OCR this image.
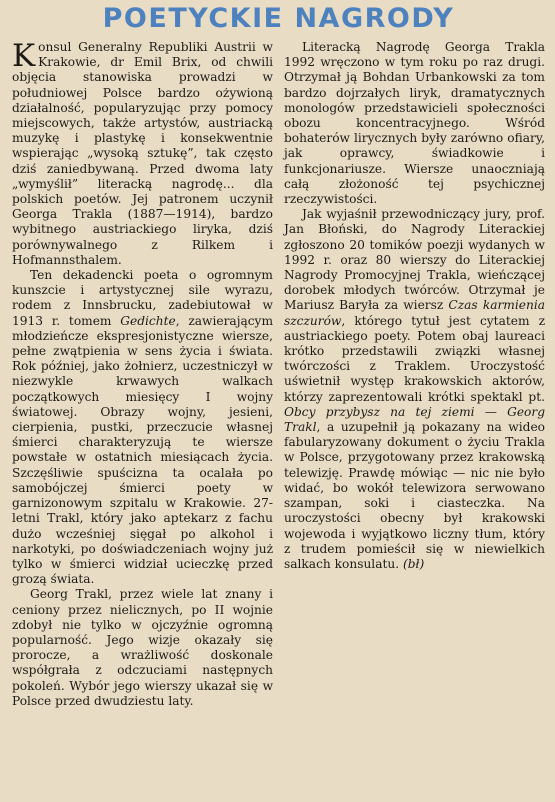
POETYCKIE NAGRODY

Konsul Generalny Republiki Austrii w Krakowie, dr Emil Brix, od chwili objęcia stanowiska prowadzi w południowej Polsce bardzo ożywioną działalność, popularyzując przy pomocy miejscowych, także artystów, austriacką muzykę i plastykę i konsekwentnie wspierając „wysoką sztukę”, tak często dziś zaniedbywaną. Przed dwoma laty „wymyślił” literacką nagrodę... dla polskich poetów. Jej patronem uczynił Georga Trakla (1887—1914), bardzo wybitnego austriackiego liryka, dziś porównywalnego z Rilkem i Hofmannsthalem.

Ten dekadencki poeta o ogromnym kunszcie i artystycznej sile wyrazu, rodem z Innsbrucku, zadebiutował w 1913 r. tomem Gedichte, zawierającym młodzieńcze ekspresjonistyczne wiersze, pełne zwątpienia w sens życia i świata. Rok później, jako żołnierz, uczestniczył w niezwykle krwawych walkach początkowych miesięcy I wojny światowej. Obrazy wojny, jesieni, cierpienia, pustki, przeczucie własnej śmierci charakteryzują te wiersze powstałe w ostatnich miesiącach życia. Szczęśliwie spuścizna ta ocalała po samobójczej śmierci poety w garnizonowym szpitalu w Krakowie. 27-letni Trakl, który jako aptekarz z fachu dużo wcześniej sięgał po alkohol i narkotyki, po doświadczeniach wojny już tylko w śmierci widział ucieczkę przed grozą świata.

Georg Trakl, przez wiele lat znany i ceniony przez nielicznych, po II wojnie zdobył nie tylko w ojczyźnie ogromną popularność. Jego wizje okazały się prorocze, a wrażliwość doskonale współgrała z odczuciami następnych pokoleń. Wybór jego wierszy ukazał się w Polsce przed dwudziestu laty.

Literacką Nagrodę Georga Trakla 1992 wręczono w tym roku po raz drugi. Otrzymał ją Bohdan Urbankowski za tom bardzo dojrzałych liryk, dramatycznych monologów przedstawicieli społeczności obozu koncentracyjnego. Wśród bohaterów lirycznych były zarówno ofiary, jak oprawcy, świadkowie i funkcjonariusze. Wiersze unaoczniają całą złożoność tej psychicznej rzeczywistości.

Jak wyjaśnił przewodniczący jury, prof. Jan Błoński, do Nagrody Literackiej zgłoszono 20 tomików poezji wydanych w 1992 r. oraz 80 wierszy do Literackiej Nagrody Promocyjnej Trakla, wieńczącej dorobek młodych twórców. Otrzymał je Mariusz Baryła za wiersz Czas karmienia szczurów, którego tytuł jest cytatem z austriackiego poety. Potem obaj laureaci krótko przedstawili związki własnej twórczości z Traklem. Uroczystość uświetnił występ krakowskich aktorów, którzy zaprezentowali krótki spektakl pt. Obcy przybysz na tej ziemi — Georg Trakl, a uzupełnił ją pokazany na wideo fabularyzowany dokument o życiu Trakla w Polsce, przygotowany przez krakowską telewizję. Prawdę mówiąc — nic nie było widać, bo wokół telewizora serwowano szampan, soki i ciasteczka. Na uroczystości obecny był krakowski wojewoda i wyjątkowo liczny tłum, który z trudem pomieścił się w niewielkich salkach konsulatu. (bł)
